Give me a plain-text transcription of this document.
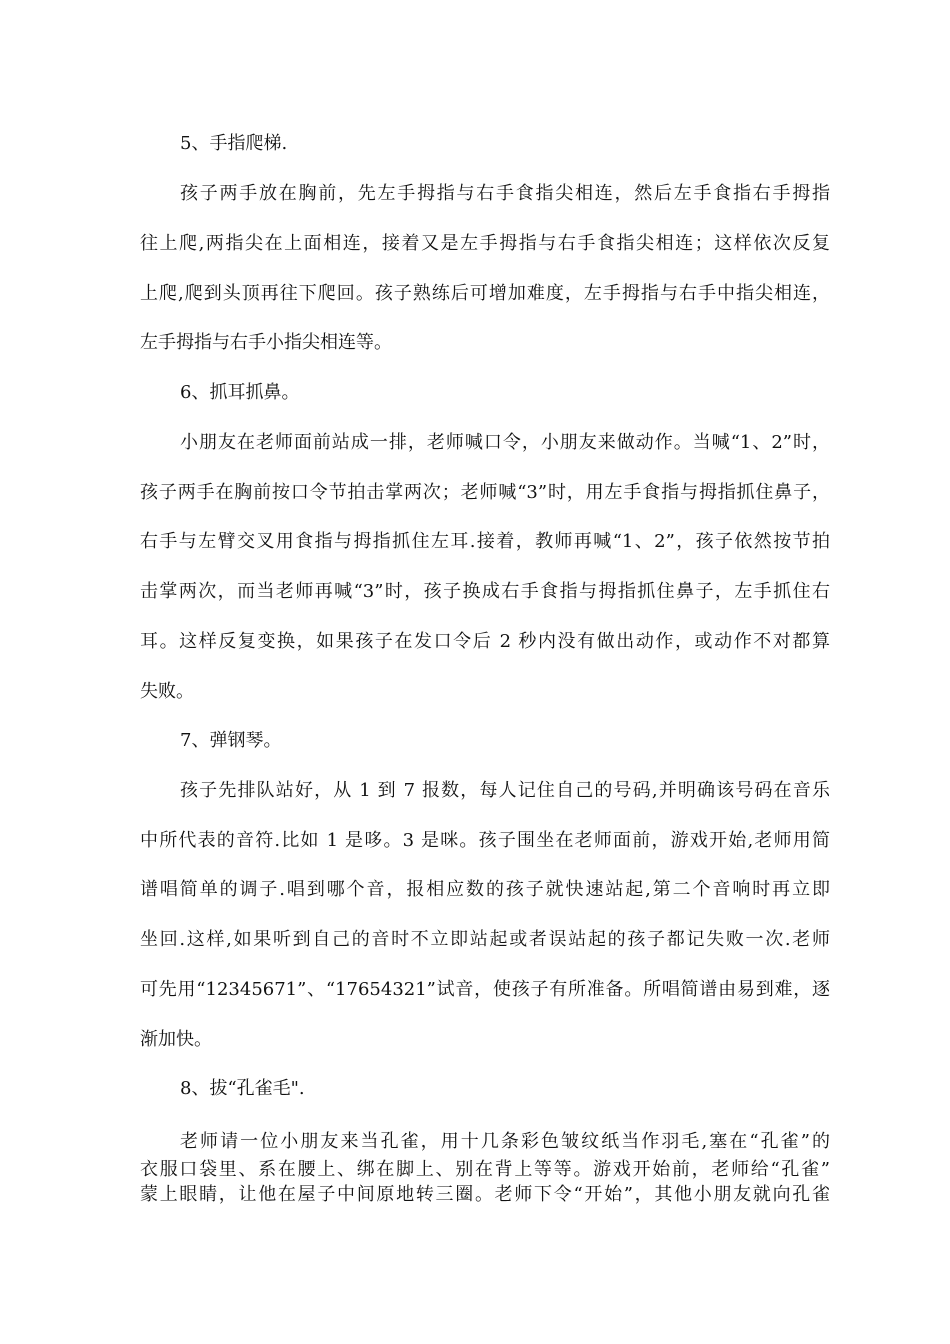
5、手指爬梯.
孩子两手放在胸前，先左手拇指与右手食指尖相连，然后左手食指右手拇指
往上爬,两指尖在上面相连，接着又是左手拇指与右手食指尖相连；这样依次反复
上爬,爬到头顶再往下爬回。孩子熟练后可增加难度，左手拇指与右手中指尖相连，
左手拇指与右手小指尖相连等。
6、抓耳抓鼻。
小朋友在老师面前站成一排，老师喊口令，小朋友来做动作。当喊“1、2”时，
孩子两手在胸前按口令节拍击掌两次；老师喊“3”时，用左手食指与拇指抓住鼻子，
右手与左臂交叉用食指与拇指抓住左耳.接着，教师再喊“1、2”，孩子依然按节拍
击掌两次，而当老师再喊“3”时，孩子换成右手食指与拇指抓住鼻子，左手抓住右
耳。这样反复变换，如果孩子在发口令后 2 秒内没有做出动作，或动作不对都算
失败。
7、弹钢琴。
孩子先排队站好，从 1 到 7 报数，每人记住自己的号码,并明确该号码在音乐
中所代表的音符.比如 1 是哆。3 是咪。孩子围坐在老师面前，游戏开始,老师用简
谱唱简单的调子.唱到哪个音，报相应数的孩子就快速站起,第二个音响时再立即
坐回.这样,如果听到自己的音时不立即站起或者误站起的孩子都记失败一次.老师
可先用“12345671”、“17654321”试音，使孩子有所准备。所唱简谱由易到难，逐
渐加快。
8、拔“孔雀毛".
老师请一位小朋友来当孔雀，用十几条彩色皱纹纸当作羽毛,塞在“孔雀”的
衣服口袋里、系在腰上、绑在脚上、别在背上等等。游戏开始前，老师给“孔雀”
蒙上眼睛，让他在屋子中间原地转三圈。老师下令“开始”，其他小朋友就向孔雀
